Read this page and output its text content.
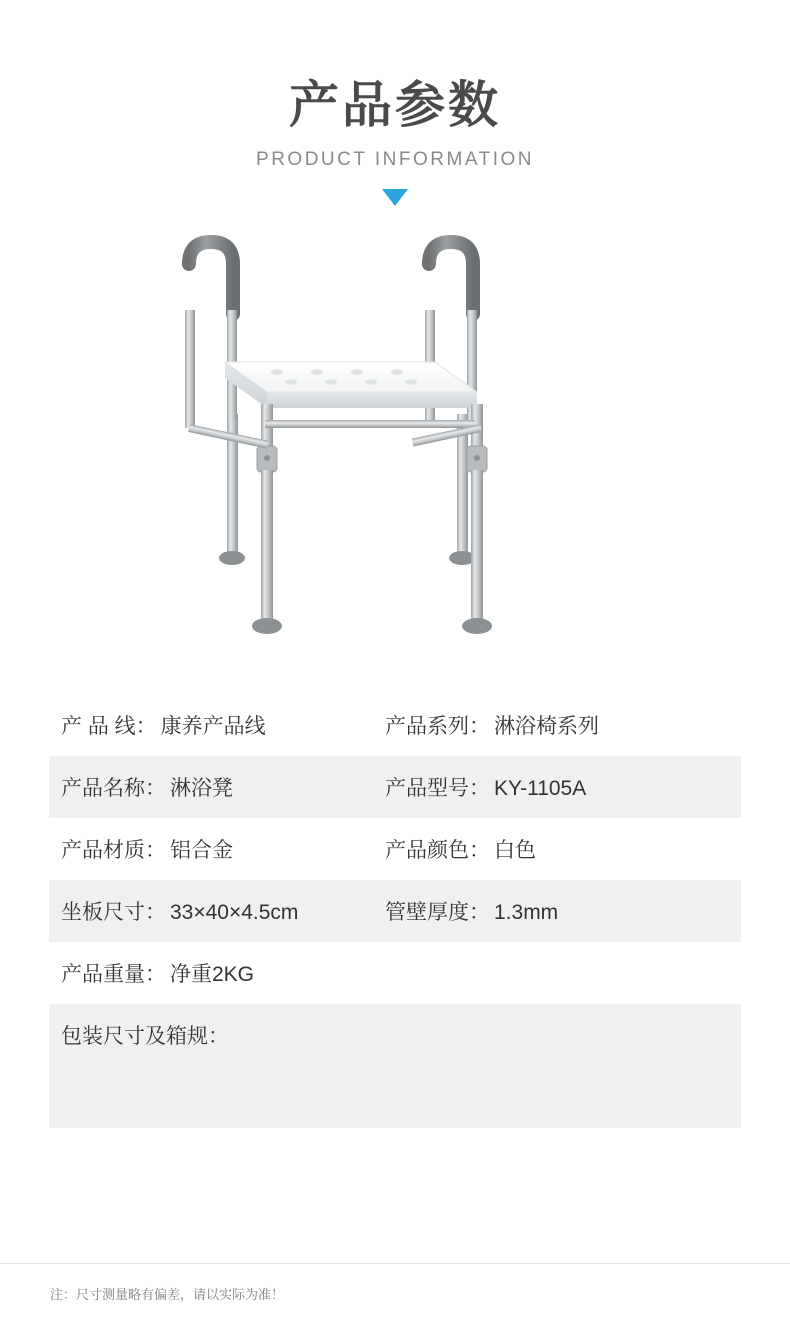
产品参数
PRODUCT INFORMATION
产 品 线： 康养产品线	产品系列： 淋浴椅系列
产品名称： 淋浴凳	产品型号： KY-1105A
产品材质： 铝合金	产品颜色： 白色
坐板尺寸： 33×40×4.5cm	管壁厚度： 1.3mm
产品重量： 净重2KG
包装尺寸及箱规：
注：尺寸测量略有偏差，请以实际为准！
